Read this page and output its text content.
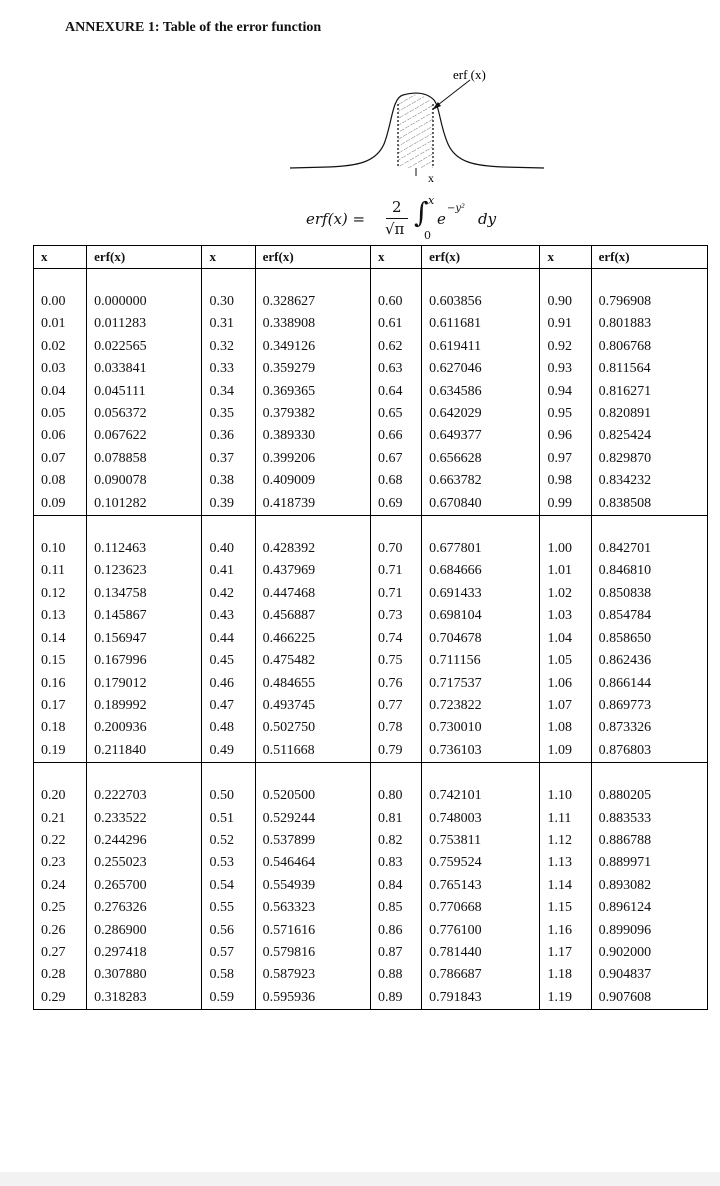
ANNEXURE 1: Table of the error function
erf (x)
x
erf(x) =
2
√π ∫ x
0
e
−y²
dy
x	erf(x)	x	erf(x)	x	erf(x)	x	erf(x)

0.00	0.000000	0.30	0.328627	0.60	0.603856	0.90	0.796908
0.01	0.011283	0.31	0.338908	0.61	0.611681	0.91	0.801883
0.02	0.022565	0.32	0.349126	0.62	0.619411	0.92	0.806768
0.03	0.033841	0.33	0.359279	0.63	0.627046	0.93	0.811564
0.04	0.045111	0.34	0.369365	0.64	0.634586	0.94	0.816271
0.05	0.056372	0.35	0.379382	0.65	0.642029	0.95	0.820891
0.06	0.067622	0.36	0.389330	0.66	0.649377	0.96	0.825424
0.07	0.078858	0.37	0.399206	0.67	0.656628	0.97	0.829870
0.08	0.090078	0.38	0.409009	0.68	0.663782	0.98	0.834232
0.09	0.101282	0.39	0.418739	0.69	0.670840	0.99	0.838508

0.10	0.112463	0.40	0.428392	0.70	0.677801	1.00	0.842701
0.11	0.123623	0.41	0.437969	0.71	0.684666	1.01	0.846810
0.12	0.134758	0.42	0.447468	0.71	0.691433	1.02	0.850838
0.13	0.145867	0.43	0.456887	0.73	0.698104	1.03	0.854784
0.14	0.156947	0.44	0.466225	0.74	0.704678	1.04	0.858650
0.15	0.167996	0.45	0.475482	0.75	0.711156	1.05	0.862436
0.16	0.179012	0.46	0.484655	0.76	0.717537	1.06	0.866144
0.17	0.189992	0.47	0.493745	0.77	0.723822	1.07	0.869773
0.18	0.200936	0.48	0.502750	0.78	0.730010	1.08	0.873326
0.19	0.211840	0.49	0.511668	0.79	0.736103	1.09	0.876803

0.20	0.222703	0.50	0.520500	0.80	0.742101	1.10	0.880205
0.21	0.233522	0.51	0.529244	0.81	0.748003	1.11	0.883533
0.22	0.244296	0.52	0.537899	0.82	0.753811	1.12	0.886788
0.23	0.255023	0.53	0.546464	0.83	0.759524	1.13	0.889971
0.24	0.265700	0.54	0.554939	0.84	0.765143	1.14	0.893082
0.25	0.276326	0.55	0.563323	0.85	0.770668	1.15	0.896124
0.26	0.286900	0.56	0.571616	0.86	0.776100	1.16	0.899096
0.27	0.297418	0.57	0.579816	0.87	0.781440	1.17	0.902000
0.28	0.307880	0.58	0.587923	0.88	0.786687	1.18	0.904837
0.29	0.318283	0.59	0.595936	0.89	0.791843	1.19	0.907608
